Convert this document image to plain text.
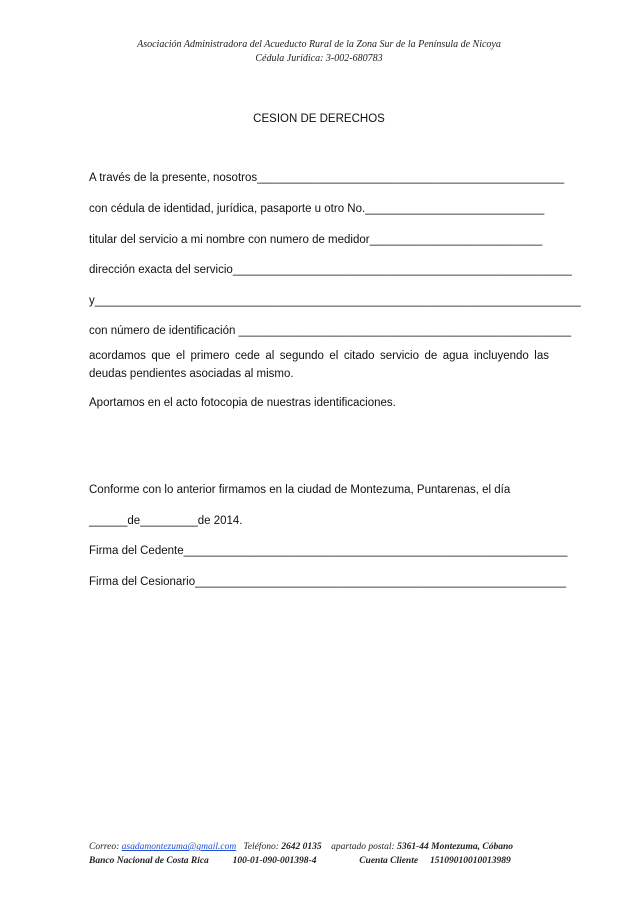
Asociación Administradora del Acueducto Rural de la Zona Sur de la Península de Nicoya
Cédula Jurídica: 3-002-680783
CESION DE DERECHOS
A través de la presente, nosotros________________________________________________
con cédula de identidad, jurídica, pasaporte u otro No.____________________________
titular del servicio a mi nombre con numero de medidor___________________________
dirección exacta del servicio_____________________________________________________
y____________________________________________________________________________
con número de identificación ____________________________________________________
acordamos que el primero cede al segundo el citado servicio de agua incluyendo las deudas pendientes asociadas al mismo.
Aportamos en el acto fotocopia de nuestras identificaciones.
Conforme con lo anterior firmamos en la ciudad de Montezuma, Puntarenas, el día
______de_________de 2014.
Firma del Cedente____________________________________________________________
Firma del Cesionario__________________________________________________________
Correo: asadamontezuma@gmail.com Teléfono: 2642 0135 apartado postal: 5361-44 Montezuma, Cóbano
Banco Nacional de Costa Rica	100-01-090-001398-4	Cuenta Cliente 15109010010013989
